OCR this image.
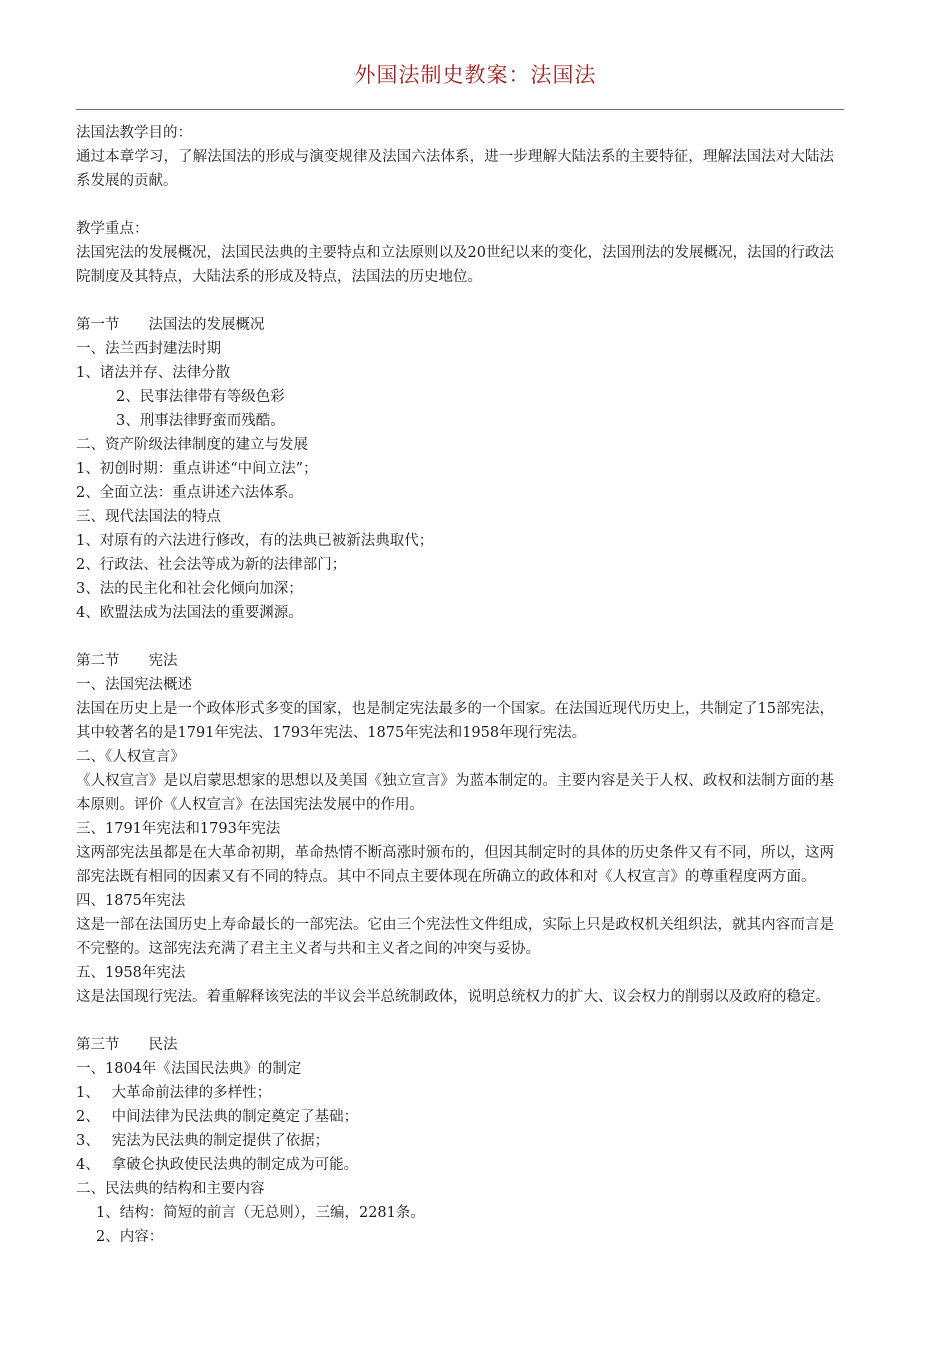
外国法制史教案：法国法
法国法教学目的：
通过本章学习，了解法国法的形成与演变规律及法国六法体系，进一步理解大陆法系的主要特征，理解法国法对大陆法系发展的贡献。
教学重点：
法国宪法的发展概况，法国民法典的主要特点和立法原则以及20世纪以来的变化，法国刑法的发展概况，法国的行政法院制度及其特点，大陆法系的形成及特点，法国法的历史地位。
第一节　　法国法的发展概况
一、法兰西封建法时期
1、诸法并存、法律分散
2、民事法律带有等级色彩
3、刑事法律野蛮而残酷。
二、资产阶级法律制度的建立与发展
1、初创时期：重点讲述“中间立法”；
2、全面立法：重点讲述六法体系。
三、现代法国法的特点
1、对原有的六法进行修改，有的法典已被新法典取代；
2、行政法、社会法等成为新的法律部门；
3、法的民主化和社会化倾向加深；
4、欧盟法成为法国法的重要渊源。
第二节　　宪法
一、法国宪法概述
法国在历史上是一个政体形式多变的国家，也是制定宪法最多的一个国家。在法国近现代历史上，共制定了15部宪法，其中较著名的是1791年宪法、1793年宪法、1875年宪法和1958年现行宪法。
二、《人权宣言》
《人权宣言》是以启蒙思想家的思想以及美国《独立宣言》为蓝本制定的。主要内容是关于人权、政权和法制方面的基本原则。评价《人权宣言》在法国宪法发展中的作用。
三、1791年宪法和1793年宪法
这两部宪法虽都是在大革命初期，革命热情不断高涨时颁布的，但因其制定时的具体的历史条件又有不同，所以，这两部宪法既有相同的因素又有不同的特点。其中不同点主要体现在所确立的政体和对《人权宣言》的尊重程度两方面。
四、1875年宪法
这是一部在法国历史上寿命最长的一部宪法。它由三个宪法性文件组成，实际上只是政权机关组织法，就其内容而言是不完整的。这部宪法充满了君主主义者与共和主义者之间的冲突与妥协。
五、1958年宪法
这是法国现行宪法。着重解释该宪法的半议会半总统制政体，说明总统权力的扩大、议会权力的削弱以及政府的稳定。
第三节　　民法
一、1804年《法国民法典》的制定
1、　 大革命前法律的多样性；
2、　 中间法律为民法典的制定奠定了基础；
3、　 宪法为民法典的制定提供了依据；
4、　 拿破仑执政使民法典的制定成为可能。
二、民法典的结构和主要内容
1、结构：简短的前言（无总则），三编，2281条。
2、内容：
